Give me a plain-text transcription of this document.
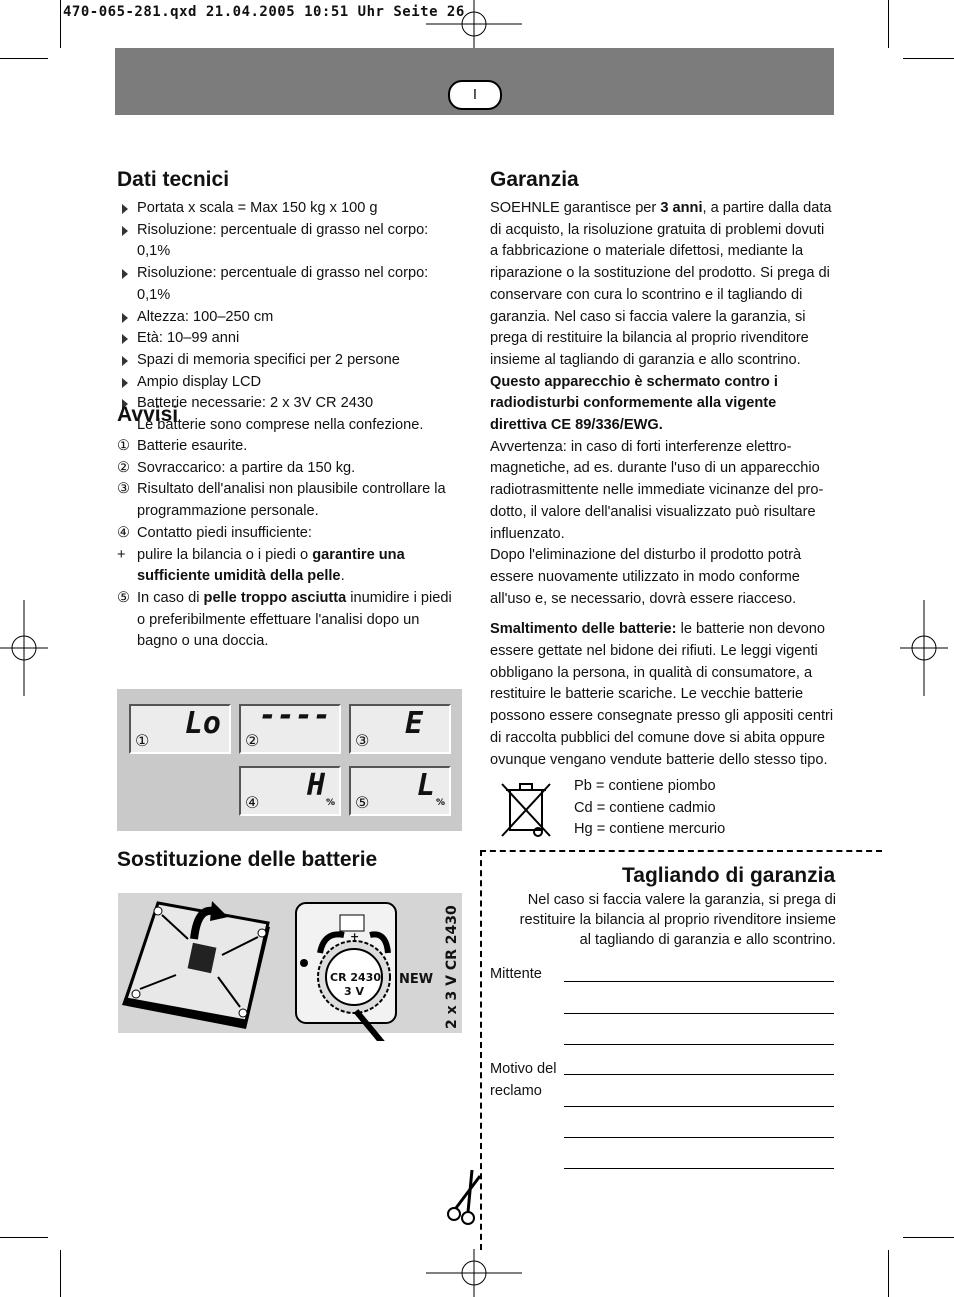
470-065-281.qxd 21.04.2005 10:51 Uhr Seite 26
I
Dati tecnici
Portata x scala = Max 150 kg x 100 g
Risoluzione: percentuale di grasso nel corpo: 0,1%
Risoluzione: percentuale di grasso nel corpo: 0,1%
Altezza: 100–250 cm
Età: 10–99 anni
Spazi di memoria specifici per 2 persone
Ampio display LCD
Batterie necessarie: 2 x 3V CR 2430
Le batterie sono comprese nella confezione.
Avvisi
① Batterie esaurite.
② Sovraccarico: a partire da 150 kg.
③ Risultato dell'analisi non plausibile controllare la programmazione personale.
④ Contatto piedi insufficiente:
+ pulire la bilancia o i piedi o garantire una sufficiente umidità della pelle.
⑤ In caso di pelle troppo asciutta inumidire i piedi o preferibilmente effettuare l'analisi dopo un bagno o una doccia.
① Lo ②
----
③ E
④ H % ⑤ L %
Sostituzione delle batterie
+
CR 2430
3 V
NEW 2 x 3 V CR 2430
Garanzia
SOEHNLE garantisce per 3 anni, a partire dalla data di acquisto, la risoluzione gratuita di problemi dovuti a fabbricazione o materiale difettosi, mediante la riparazione o la sostituzione del prodotto. Si prega di conservare con cura lo scontrino e il tagliando di garanzia. Nel caso si faccia valere la garanzia, si prega di restituire la bilancia al proprio rivenditore insieme al tagliando di garanzia e allo scontrino.
Questo apparecchio è schermato contro i radiodisturbi conformemente alla vigente direttiva CE 89/336/EWG.
Avvertenza: in caso di forti interferenze elettro-magnetiche, ad es. durante l'uso di un apparecchio radiotrasmittente nelle immediate vicinanze del pro-dotto, il valore dell'analisi visualizzato può risultare influenzato.
Dopo l'eliminazione del disturbo il prodotto potrà essere nuovamente utilizzato in modo conforme all'uso e, se necessario, dovrà essere riacceso.
Smaltimento delle batterie: le batterie non devono essere gettate nel bidone dei rifiuti. Le leggi vigenti obbligano la persona, in qualità di consumatore, a restituire le batterie scariche. Le vecchie batterie possono essere consegnate presso gli appositi centri di raccolta pubblici del comune dove si abita oppure ovunque vengano vendute batterie dello stesso tipo.
Pb = contiene piombo
Cd = contiene cadmio
Hg = contiene mercurio
Tagliando di garanzia
Nel caso si faccia valere la garanzia, si prega di restituire la bilancia al proprio rivenditore insieme al tagliando di garanzia e allo scontrino.
Mittente
Motivo del
reclamo
